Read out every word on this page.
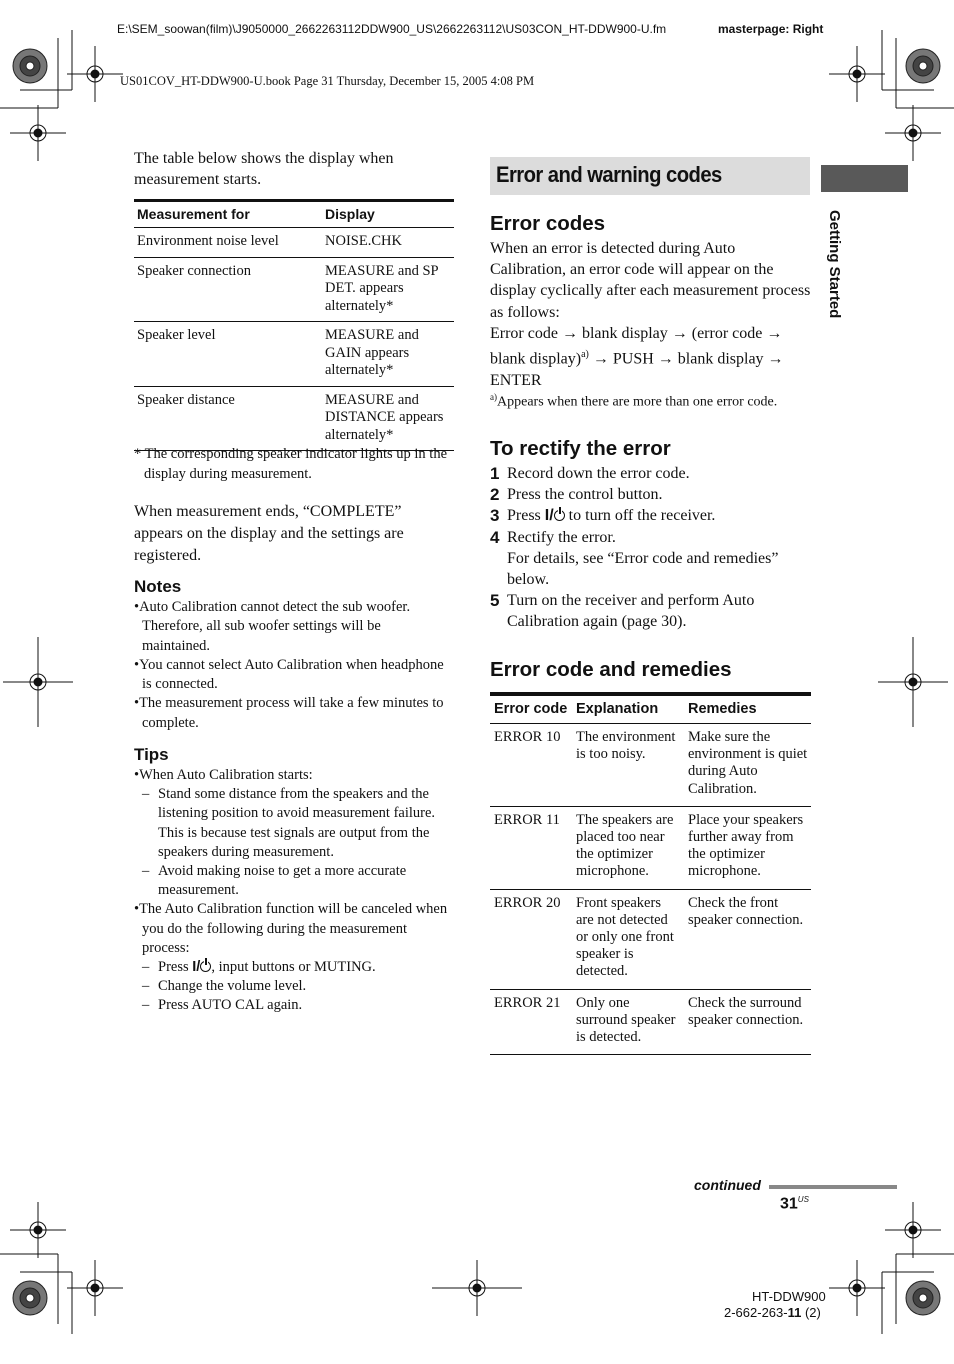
E:\SEM_soowan(film)\J9050000_2662263112DDW900_US\2662263112\US03CON_HT-DDW900-U.fm	masterpage: Right
US01COV_HT-DDW900-U.book Page 31 Thursday, December 15, 2005 4:08 PM
The table below shows the display when measurement starts.
Measurement for	Display
Environment noise level	NOISE.CHK
Speaker connection	MEASURE and SP DET. appears alternately*
Speaker level	MEASURE and GAIN appears alternately*
Speaker distance	MEASURE and DISTANCE appears alternately*

* The corresponding speaker indicator lights up in the display during measurement.

When measurement ends, “COMPLETE” appears on the display and the settings are registered.
Notes

•Auto Calibration cannot detect the sub woofer. Therefore, all sub woofer settings will be maintained.

•You cannot select Auto Calibration when headphone is connected.

•The measurement process will take a few minutes to complete.

Tips

•When Auto Calibration starts:

– Stand some distance from the speakers and the listening position to avoid measurement failure. This is because test signals are output from the speakers during measurement.

– Avoid making noise to get a more accurate measurement.

•The Auto Calibration function will be canceled when you do the following during the measurement process:

– Press I/ , input buttons or MUTING.

– Change the volume level.

– Press AUTO CAL again.

Error and warning codes
Error codes
When an error is detected during Auto Calibration, an error code will appear on the display cyclically after each measurement process as follows:
Error code → blank display → (error code → blank display)$^{a)}$ → PUSH → blank display → ENTER
$^{a)}$Appears when there are more than one error code.
To rectify the error
1 Record down the error code.
2 Press the control button.
3 Press I/ to turn off the receiver.
4 Rectify the error.
For details, see “Error code and remedies” below.
5 Turn on the receiver and perform Auto Calibration again (page 30).
Error code and remedies
Error code	Explanation	Remedies
ERROR 10	The environment is too noisy.	Make sure the environment is quiet during Auto Calibration.
ERROR 11	The speakers are placed too near the optimizer microphone.	Place your speakers further away from the optimizer microphone.
ERROR 20	Front speakers are not detected or only one front speaker is detected.	Check the front speaker connection.
ERROR 21	Only one surround speaker is detected.	Check the surround speaker connection.
Getting Started
continued
$31^{US}$
HT-DDW900
2-662-263-11 (2)
